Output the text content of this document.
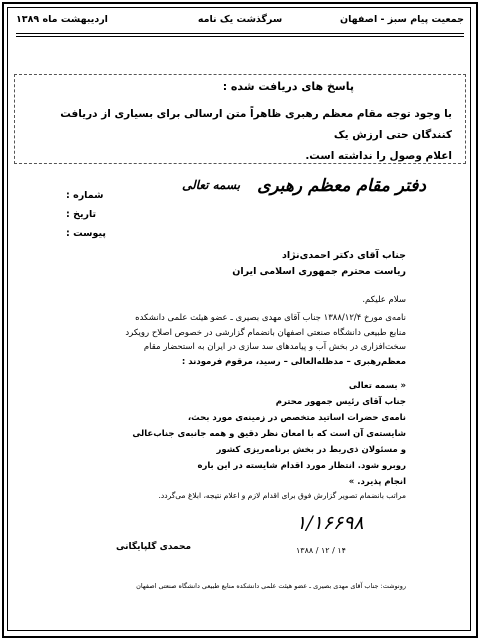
جمعیت پیام سبز - اصفهان
سرگذشت یک نامه
اردیبهشت ماه ۱۳۸۹
پاسخ های دریافت شده :
با وجود توجه مقام معظم رهبری ظاهراً متن ارسالی برای بسیاری از دریافت کنندگان حتی ارزش یک
اعلام وصول را نداشته است.
دفتر مقام معظم رهبری
بسمه تعالی
شماره :
تاریخ :
پیوست :
جناب آقای دکتر احمدی‌نژاد
ریاست محترم جمهوری اسلامی ایران
سلام علیکم.
نامه‌ی مورخ ۱۳۸۸/۱۲/۴ جناب آقای مهدی بصیری ـ عضو هیئت علمی دانشکده
منابع طبیعی دانشگاه صنعتی اصفهان بانضمام گزارشی در خصوص اصلاح رویکرد
سخت‌افزاری در بخش آب و پیامدهای سد سازی در ایران به استحضار مقام
معظم‌رهبری – مدظله‌العالی – رسید، مرقوم فرمودند :
« بسمه تعالی
جناب آقای رئیس جمهور محترم
نامه‌ی حضرات اساتید متخصص در زمینه‌ی مورد بحث،
شایسته‌ی آن است که با امعان نظر دقیق و همه جانبه‌ی جناب‌عالی
و مسئولان ذی‌ربط در بخش برنامه‌ریزی کشور
رو‌برو شود. انتظار مورد اقدام شایسته در این باره
انجام پذیرد. »
مراتب بانضمام تصویر گزارش فوق برای اقدام لازم و اعلام نتیجه، ابلاغ می‌گردد.
۱/۱۶۶۹۸
محمدی گلپایگانی	۱۳۸۸ / ۱۲ / ۱۴
رونوشت: جناب آقای مهدی بصیری ـ عضو هیئت علمی دانشکده منابع طبیعی دانشگاه صنعتی اصفهان
